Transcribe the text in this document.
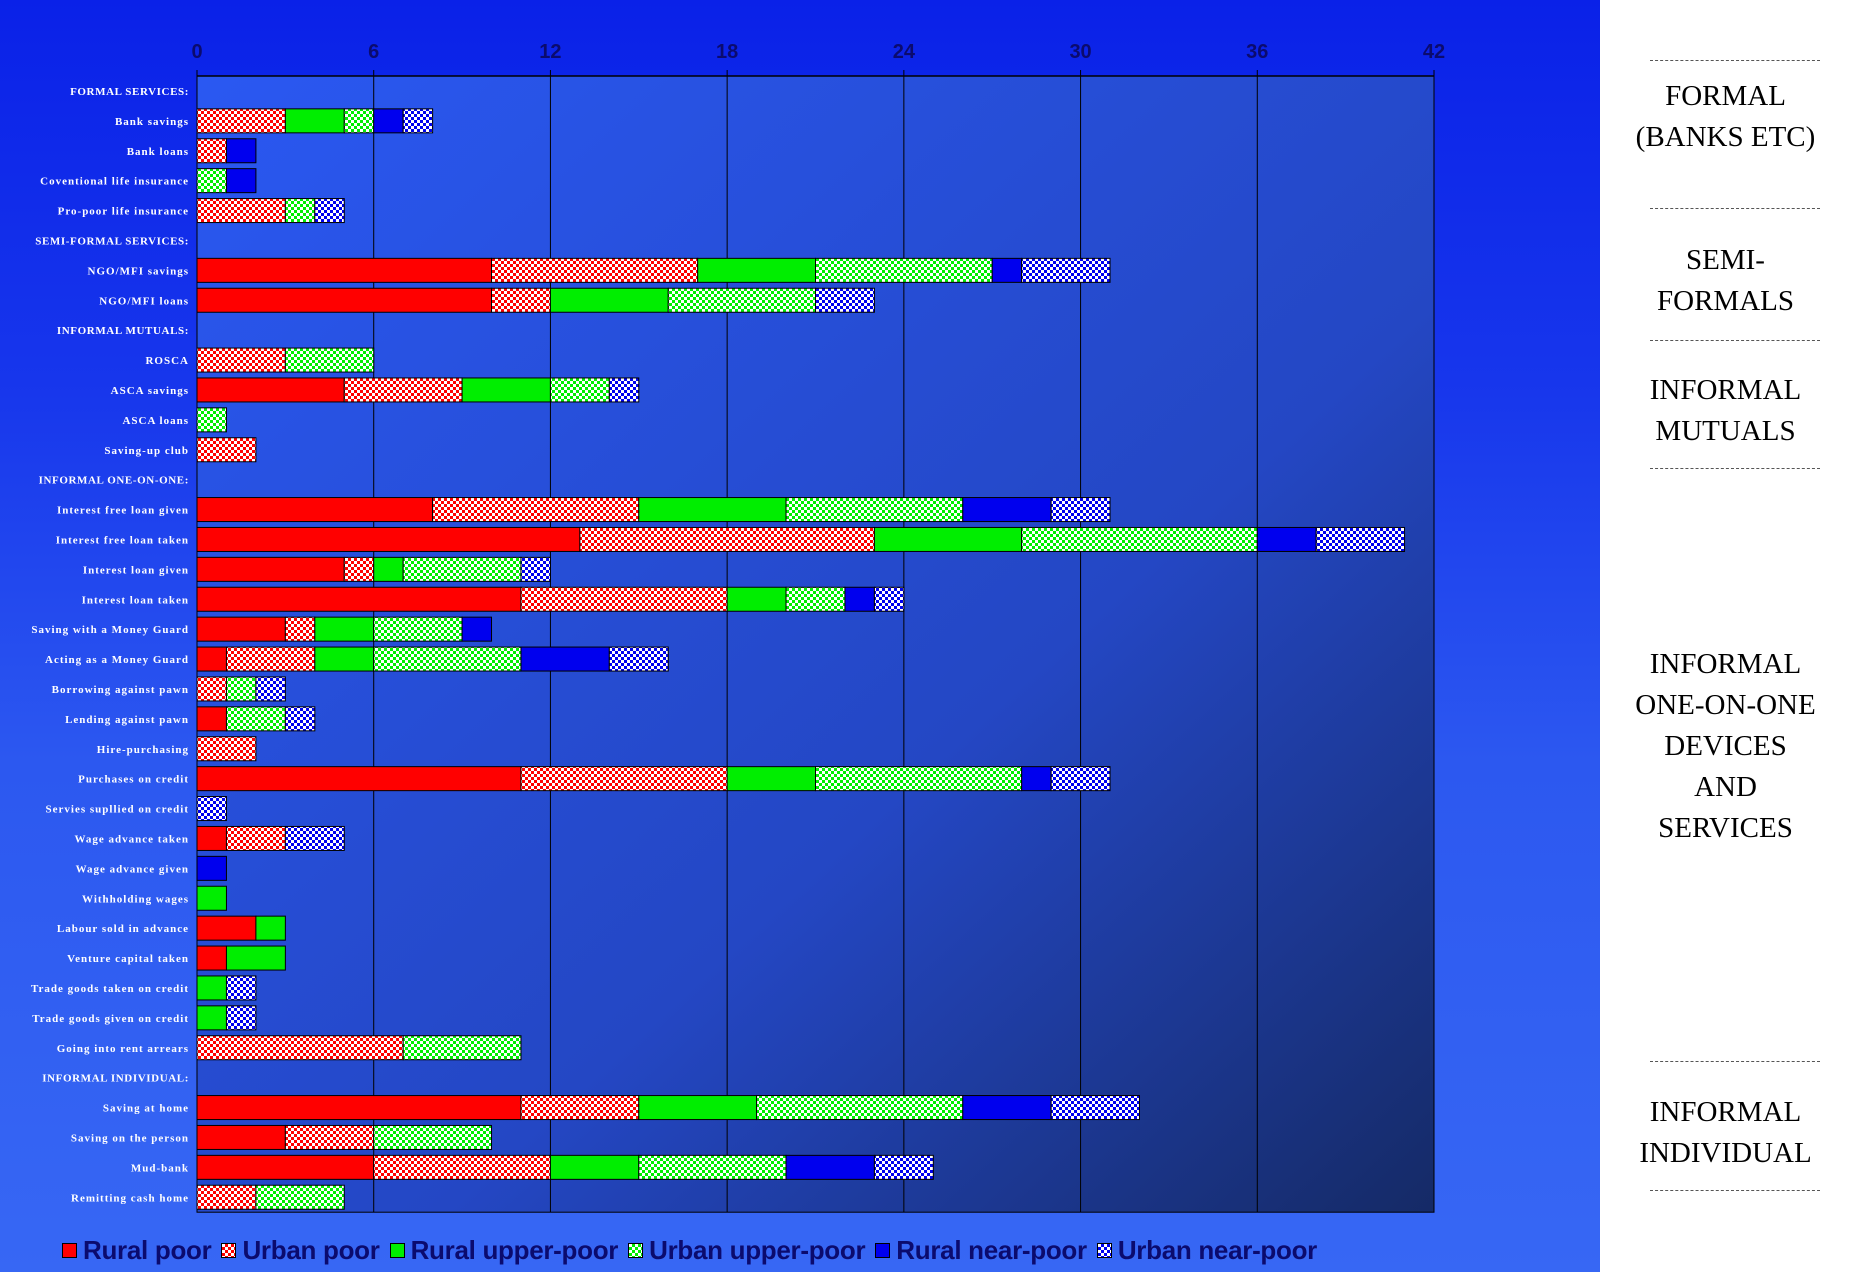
0	6	12	18	24	30	36	42
FORMAL SERVICES:
Bank savings
Bank loans
Coventional life insurance
Pro-poor life insurance
SEMI-FORMAL SERVICES:
NGO/MFI savings
NGO/MFI loans
INFORMAL MUTUALS:
ROSCA
ASCA savings
ASCA loans
Saving-up club
INFORMAL ONE-ON-ONE:
Interest free loan given
Interest free loan taken
Interest loan given
Interest loan taken
Saving with a Money Guard
Acting as a Money Guard
Borrowing against pawn
Lending against pawn
Hire-purchasing
Purchases on credit
Servies supllied on credit
Wage advance taken
Wage advance given
Withholding wages
Labour sold in advance
Venture capital taken
Trade goods taken on credit
Trade goods given on credit
Going into rent arrears
INFORMAL INDIVIDUAL:
Saving at home
Saving on the person
Mud-bank
Remitting cash home
Rural poor Urban poor Rural upper-poor Urban upper-poor Rural near-poor Urban near-poor
FORMAL
(BANKS ETC)
SEMI-
FORMALS
INFORMAL
MUTUALS
INFORMAL
ONE-ON-ONE
DEVICES
AND
SERVICES
INFORMAL
INDIVIDUAL
